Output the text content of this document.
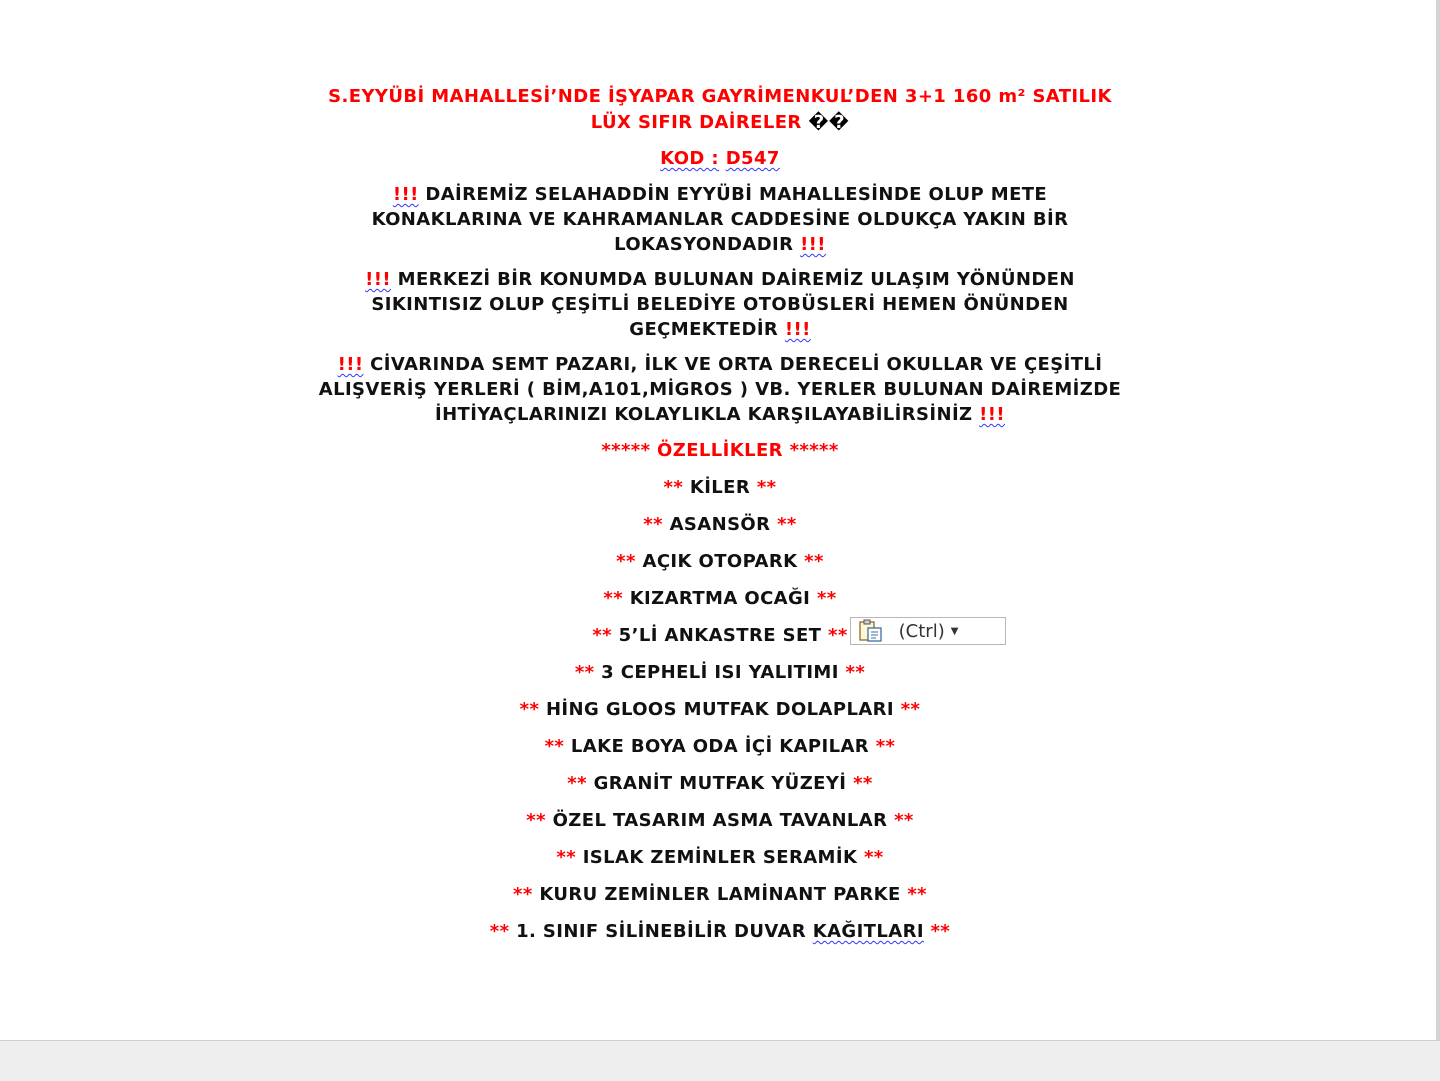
S.EYYÜBİ MAHALLESİ’NDE İŞYAPAR GAYRİMENKUL’DEN 3+1 160 m² SATILIK
LÜX SIFIR DAİRELER ��
KOD : D547
!!! DAİREMİZ SELAHADDİN EYYÜBİ MAHALLESİNDE OLUP METE
KONAKLARINA VE KAHRAMANLAR CADDESİNE OLDUKÇA YAKIN BİR
LOKASYONDADIR !!!
!!! MERKEZİ BİR KONUMDA BULUNAN DAİREMİZ ULAŞIM YÖNÜNDEN
SIKINTISIZ OLUP ÇEŞİTLİ BELEDİYE OTOBÜSLERİ HEMEN ÖNÜNDEN
GEÇMEKTEDİR !!!
!!! CİVARINDA SEMT PAZARI, İLK VE ORTA DERECELİ OKULLAR VE ÇEŞİTLİ
ALIŞVERİŞ YERLERİ ( BİM,A101,MİGROS ) VB. YERLER BULUNAN DAİREMİZDE
İHTİYAÇLARINIZI KOLAYLIKLA KARŞILAYABİLİRSİNİZ !!!
***** ÖZELLİKLER *****
** KİLER **
** ASANSÖR **
** AÇIK OTOPARK **
** KIZARTMA OCAĞI **
** 5’Lİ ANKASTRE SET **	(Ctrl) ▼
** 3 CEPHELİ ISI YALITIMI **
** HİNG GLOOS MUTFAK DOLAPLARI **
** LAKE BOYA ODA İÇİ KAPILAR **
** GRANİT MUTFAK YÜZEYİ **
** ÖZEL TASARIM ASMA TAVANLAR **
** ISLAK ZEMİNLER SERAMİK **
** KURU ZEMİNLER LAMİNANT PARKE **
** 1. SINIF SİLİNEBİLİR DUVAR KAĞITLARI **
